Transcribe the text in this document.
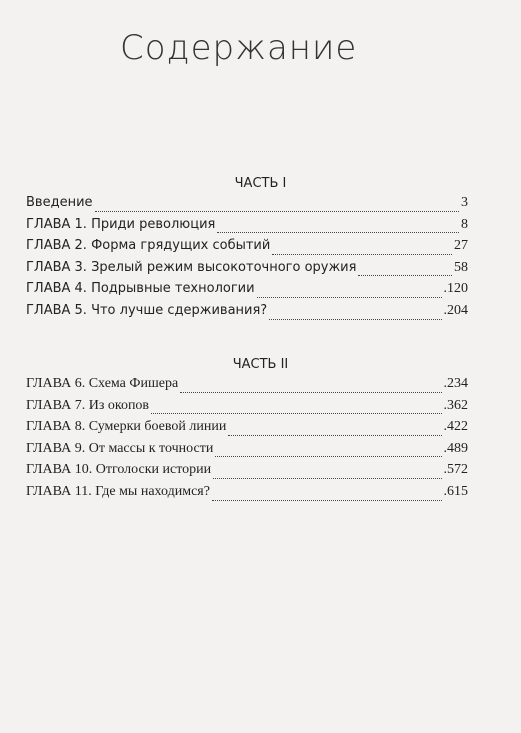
Содержание
ЧАСТЬ I
Введение	3
ГЛАВА 1. Приди революция	8
ГЛАВА 2. Форма грядущих событий	27
ГЛАВА 3. Зрелый режим высокоточного оружия	58
ГЛАВА 4. Подрывные технологии	.120
ГЛАВА 5. Что лучше сдерживания?	.204
ЧАСТЬ II
ГЛАВА 6. Схема Фишера	.234
ГЛАВА 7. Из окопов	.362
ГЛАВА 8. Сумерки боевой линии	.422
ГЛАВА 9. От массы к точности	.489
ГЛАВА 10. Отголоски истории	.572
ГЛАВА 11. Где мы находимся?	.615
